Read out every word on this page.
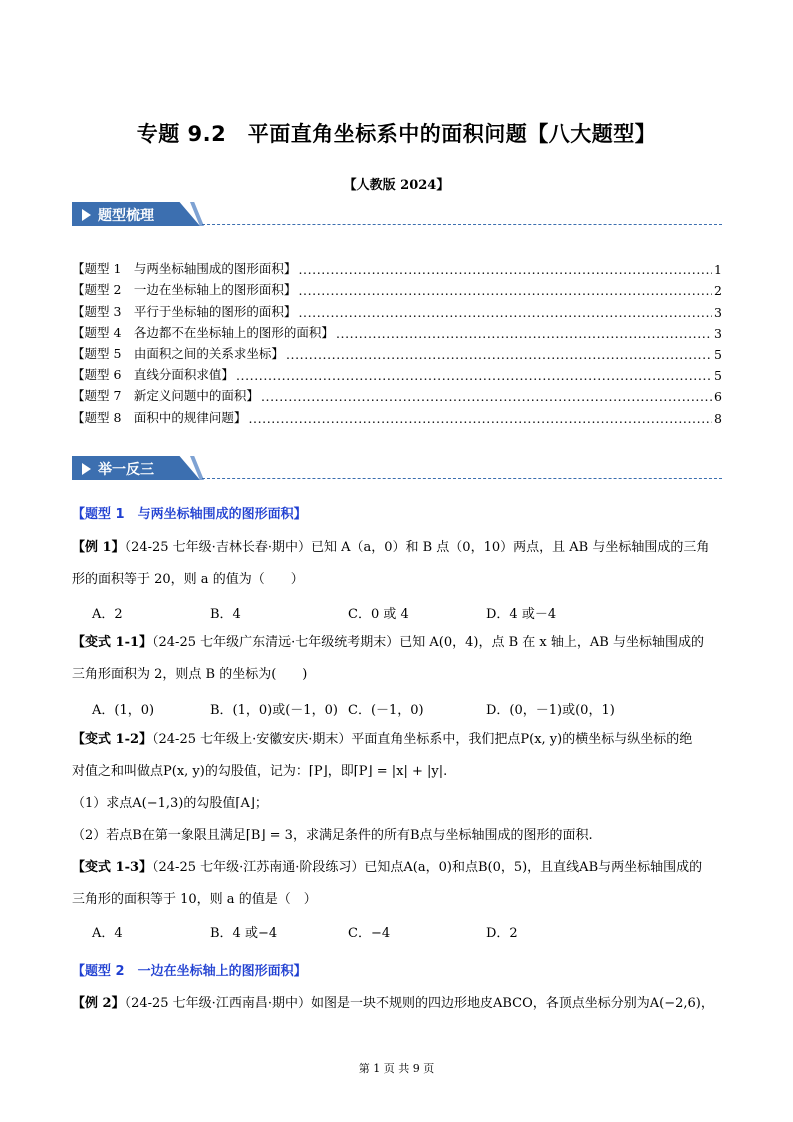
专题 9.2　平面直角坐标系中的面积问题【八大题型】
【人教版 2024】
题型梳理
【题型 1　与两坐标轴围成的图形面积】 .....	1
【题型 2　一边在坐标轴上的图形面积】 .....	2
【题型 3　平行于坐标轴的图形的面积】 .....	3
【题型 4　各边都不在坐标轴上的图形的面积】 .....	3
【题型 5　由面积之间的关系求坐标】 .....	5
【题型 6　直线分面积求值】 .....	5
【题型 7　新定义问题中的面积】 .....	6
【题型 8　面积中的规律问题】 .....	8
举一反三
【题型 1　与两坐标轴围成的图形面积】
【例 1】（24-25 七年级·吉林长春·期中）已知 A（a，0）和 B 点（0，10）两点，且 AB 与坐标轴围成的三角
形的面积等于 20，则 a 的值为（　　）
A．2	B．4	C．0 或 4	D．4 或－4
【变式 1-1】（24-25 七年级广东清远·七年级统考期末）已知 A(0，4)，点 B 在 x 轴上，AB 与坐标轴围成的
三角形面积为 2，则点 B 的坐标为(　　)
A．(1，0)	B．(1，0)或(－1，0) C．(－1，0)	D．(0，－1)或(0，1)
【变式 1-2】（24-25 七年级上·安徽安庆·期末）平面直角坐标系中，我们把点P(x, y)的横坐标与纵坐标的绝
对值之和叫做点P(x, y)的勾股值，记为：⌈P⌋，即⌈P⌋ = |x| + |y|.
（1）求点A(−1,3)的勾股值⌈A⌋；
（2）若点B在第一象限且满足⌈B⌋ = 3，求满足条件的所有B点与坐标轴围成的图形的面积.
【变式 1-3】（24-25 七年级·江苏南通·阶段练习）已知点A(a，0)和点B(0，5)，且直线AB与两坐标轴围成的
三角形的面积等于 10，则 a 的值是（　）
A．4	B．4 或−4	C．−4	D．2
【题型 2　一边在坐标轴上的图形面积】
【例 2】（24-25 七年级·江西南昌·期中）如图是一块不规则的四边形地皮ABCO，各顶点坐标分别为A(−2,6)，
第 1 页 共 9 页
